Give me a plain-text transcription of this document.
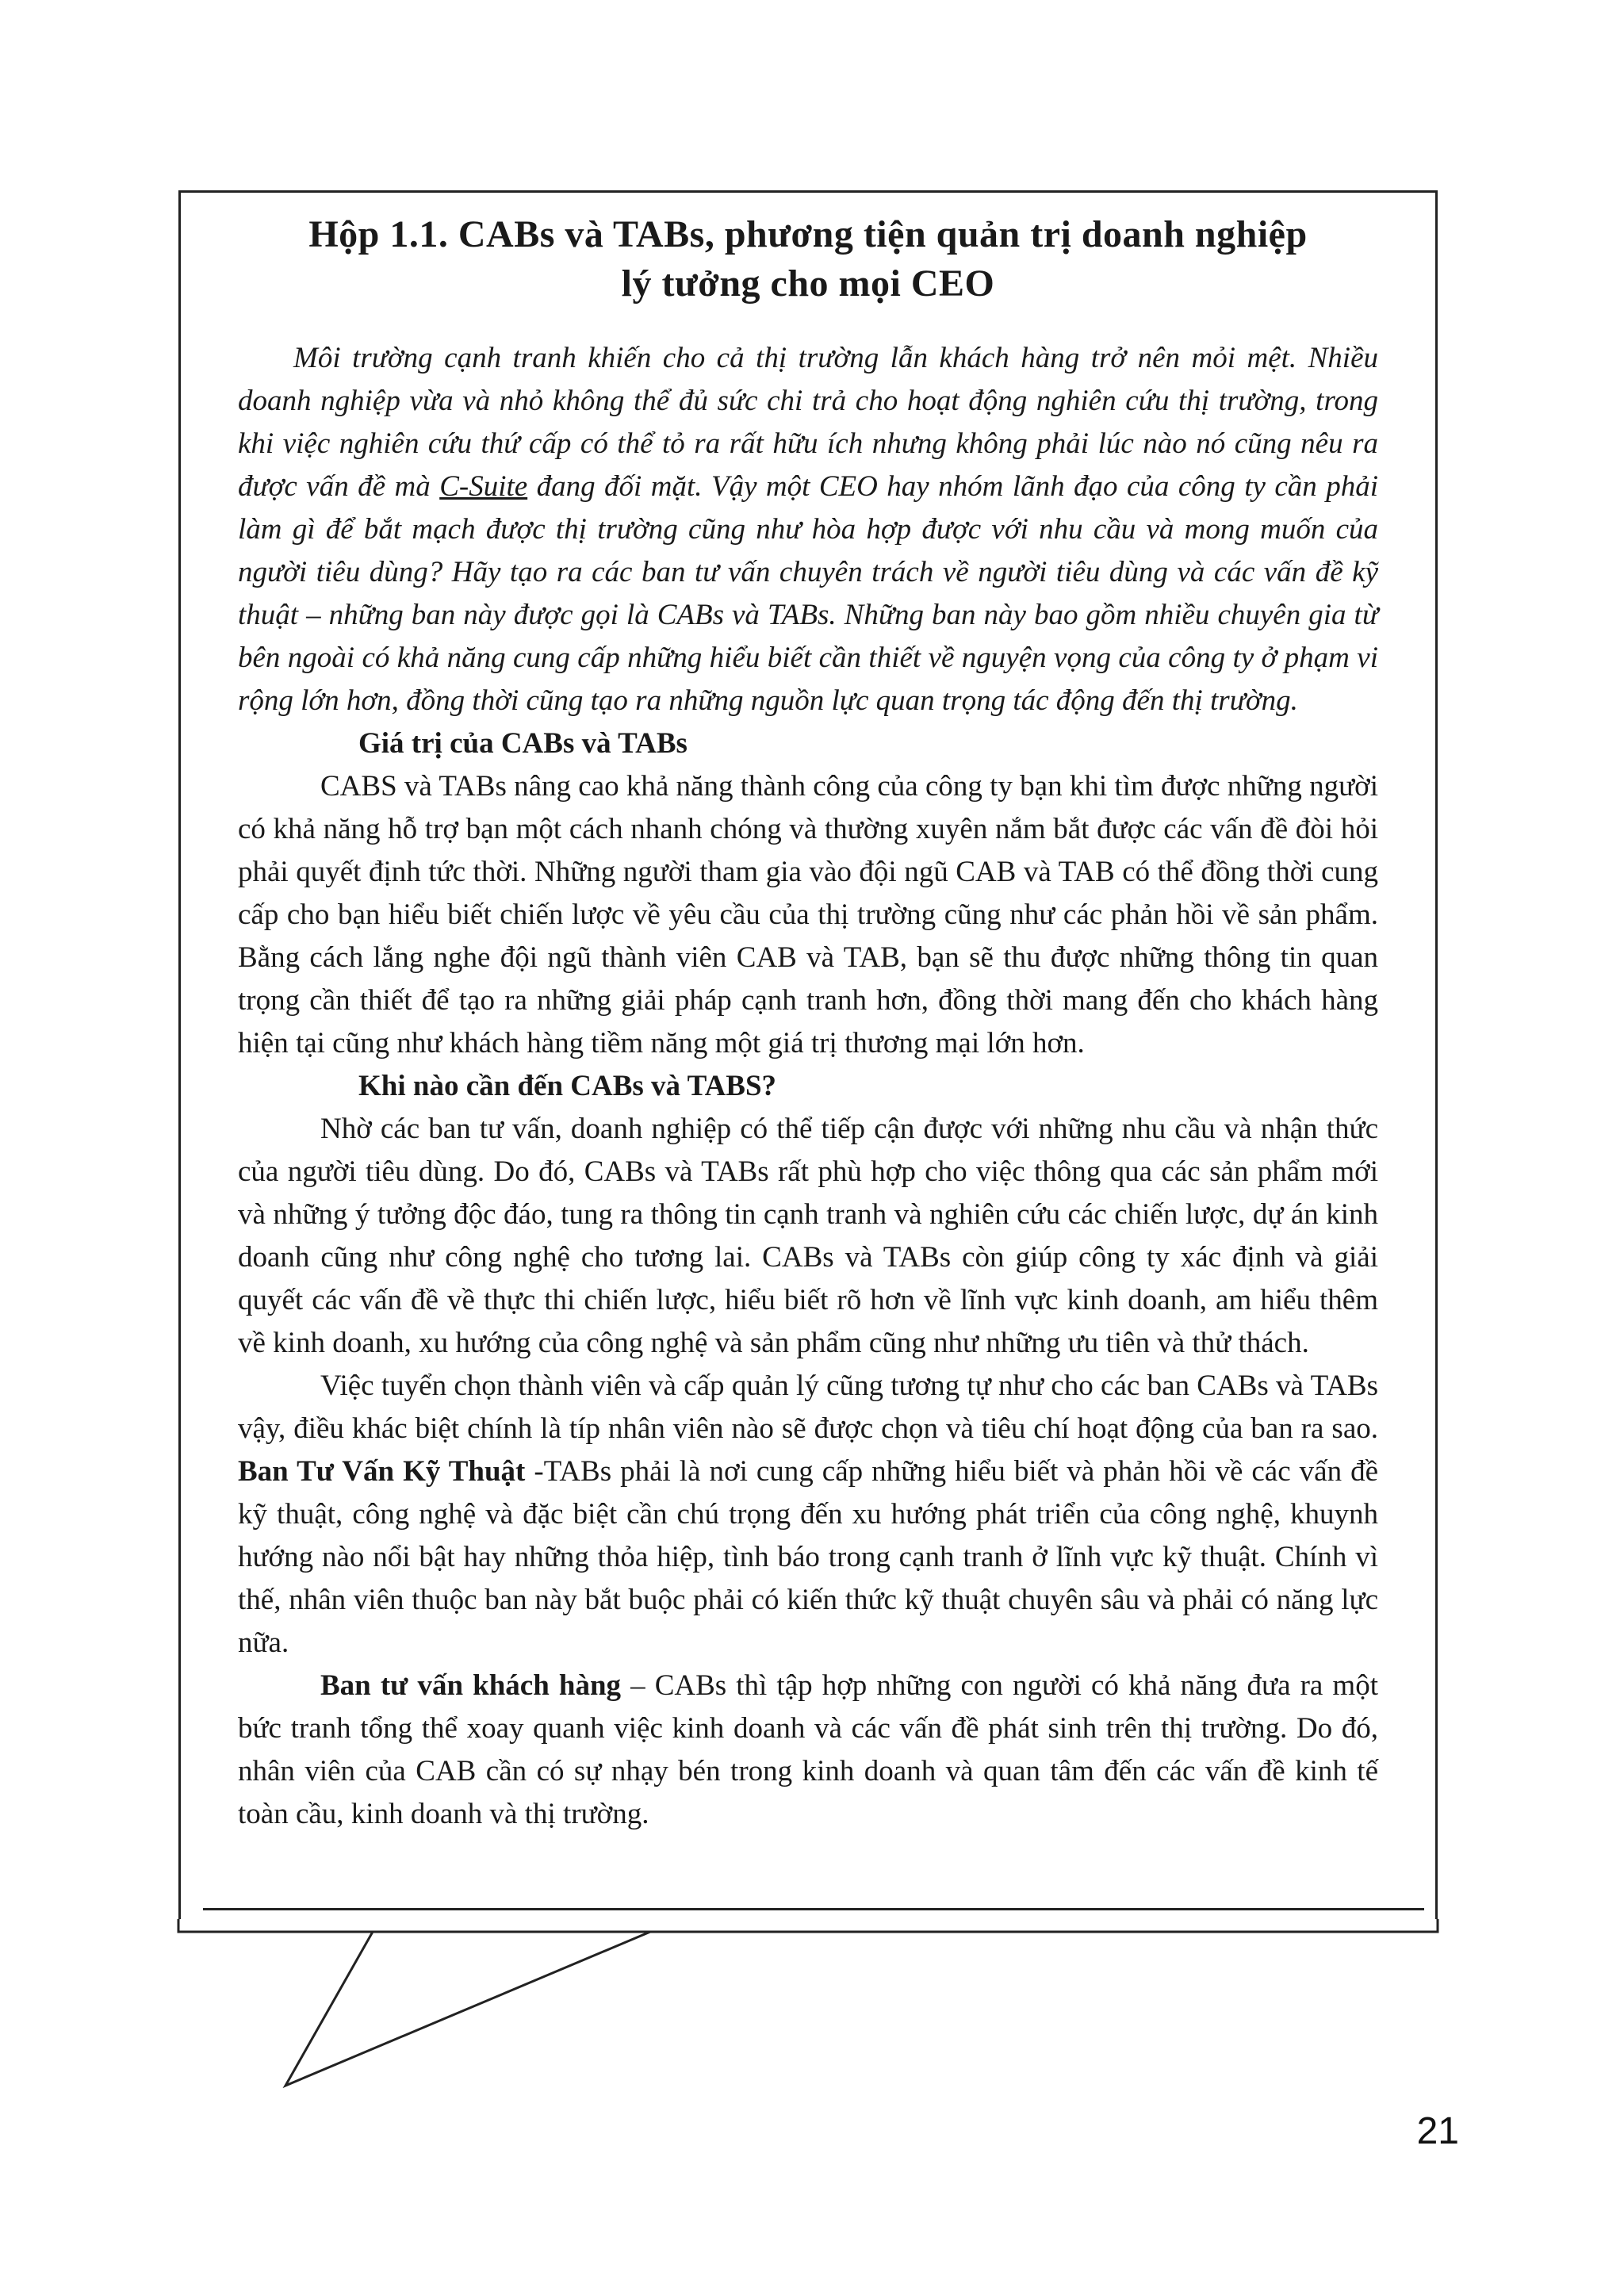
Hộp 1.1. CABs và TABs, phương tiện quản trị doanh nghiệp
lý tưởng cho mọi CEO

Môi trường cạnh tranh khiến cho cả thị trường lẫn khách hàng trở nên mỏi mệt. Nhiều doanh nghiệp vừa và nhỏ không thể đủ sức chi trả cho hoạt động nghiên cứu thị trường, trong khi việc nghiên cứu thứ cấp có thể tỏ ra rất hữu ích nhưng không phải lúc nào nó cũng nêu ra được vấn đề mà C-Suite đang đối mặt. Vậy một CEO hay nhóm lãnh đạo của công ty cần phải làm gì để bắt mạch được thị trường cũng như hòa hợp được với nhu cầu và mong muốn của người tiêu dùng? Hãy tạo ra các ban tư vấn chuyên trách về người tiêu dùng và các vấn đề kỹ thuật – những ban này được gọi là CABs và TABs. Những ban này bao gồm nhiều chuyên gia từ bên ngoài có khả năng cung cấp những hiểu biết cần thiết về nguyện vọng của công ty ở phạm vi rộng lớn hơn, đồng thời cũng tạo ra những nguồn lực quan trọng tác động đến thị trường.

Giá trị của CABs và TABs

CABS và TABs nâng cao khả năng thành công của công ty bạn khi tìm được những người có khả năng hỗ trợ bạn một cách nhanh chóng và thường xuyên nắm bắt được các vấn đề đòi hỏi phải quyết định tức thời. Những người tham gia vào đội ngũ CAB và TAB có thể đồng thời cung cấp cho bạn hiểu biết chiến lược về yêu cầu của thị trường cũng như các phản hồi về sản phẩm. Bằng cách lắng nghe đội ngũ thành viên CAB và TAB, bạn sẽ thu được những thông tin quan trọng cần thiết để tạo ra những giải pháp cạnh tranh hơn, đồng thời mang đến cho khách hàng hiện tại cũng như khách hàng tiềm năng một giá trị thương mại lớn hơn.

Khi nào cần đến CABs và TABS?

Nhờ các ban tư vấn, doanh nghiệp có thể tiếp cận được với những nhu cầu và nhận thức của người tiêu dùng. Do đó, CABs và TABs rất phù hợp cho việc thông qua các sản phẩm mới và những ý tưởng độc đáo, tung ra thông tin cạnh tranh và nghiên cứu các chiến lược, dự án kinh doanh cũng như công nghệ cho tương lai. CABs và TABs còn giúp công ty xác định và giải quyết các vấn đề về thực thi chiến lược, hiểu biết rõ hơn về lĩnh vực kinh doanh, am hiểu thêm về kinh doanh, xu hướng của công nghệ và sản phẩm cũng như những ưu tiên và thử thách.

Việc tuyển chọn thành viên và cấp quản lý cũng tương tự như cho các ban CABs và TABs vậy, điều khác biệt chính là típ nhân viên nào sẽ được chọn và tiêu chí hoạt động của ban ra sao. Ban Tư Vấn Kỹ Thuật -TABs phải là nơi cung cấp những hiểu biết và phản hồi về các vấn đề kỹ thuật, công nghệ và đặc biệt cần chú trọng đến xu hướng phát triển của công nghệ, khuynh hướng nào nổi bật hay những thỏa hiệp, tình báo trong cạnh tranh ở lĩnh vực kỹ thuật. Chính vì thế, nhân viên thuộc ban này bắt buộc phải có kiến thức kỹ thuật chuyên sâu và phải có năng lực nữa.

Ban tư vấn khách hàng – CABs thì tập hợp những con người có khả năng đưa ra một bức tranh tổng thể xoay quanh việc kinh doanh và các vấn đề phát sinh trên thị trường. Do đó, nhân viên của CAB cần có sự nhạy bén trong kinh doanh và quan tâm đến các vấn đề kinh tế toàn cầu, kinh doanh và thị trường.

21
